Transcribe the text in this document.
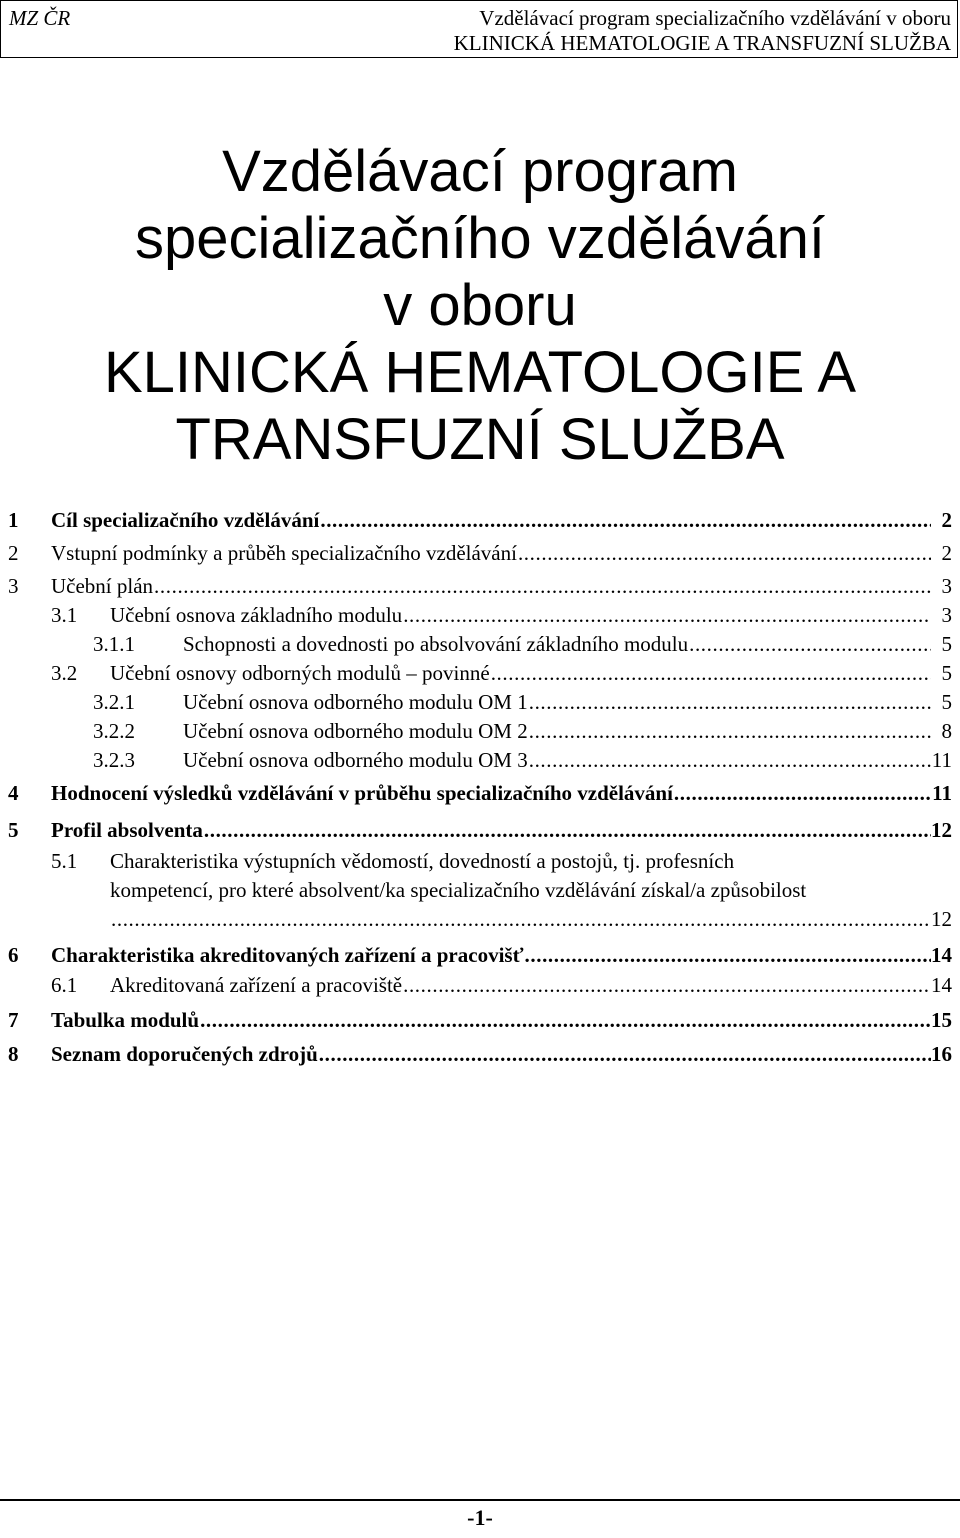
MZ ČR	Vzdělávací program specializačního vzdělávání v oboru
KLINICKÁ HEMATOLOGIE A TRANSFUZNÍ SLUŽBA
Vzdělávací program
specializačního vzdělávání
v oboru
KLINICKÁ HEMATOLOGIE A
TRANSFUZNÍ SLUŽBA
1 Cíl specializačního vzdělávání .....	2
2 Vstupní podmínky a průběh specializačního vzdělávání .....	2
3 Učební plán .....	3
3.1 Učební osnova základního modulu .....	3
3.1.1 Schopnosti a dovednosti po absolvování základního modulu .....	5
3.2 Učební osnovy odborných modulů – povinné .....	5
3.2.1 Učební osnova odborného modulu OM 1 .....	5
3.2.2 Učební osnova odborného modulu OM 2 .....	8
3.2.3 Učební osnova odborného modulu OM 3 .....	11
4 Hodnocení výsledků vzdělávání v průběhu specializačního vzdělávání .....	11
5 Profil absolventa .....	12
5.1 Charakteristika výstupních vědomostí, dovedností a postojů, tj. profesních
kompetencí, pro které absolvent/ka specializačního vzdělávání získal/a způsobilost
.....
12
6 Charakteristika akreditovaných zařízení a pracovišť .....	14
6.1 Akreditovaná zařízení a pracoviště .....	14
7 Tabulka modulů .....	15
8 Seznam doporučených zdrojů .....	16
-1-
